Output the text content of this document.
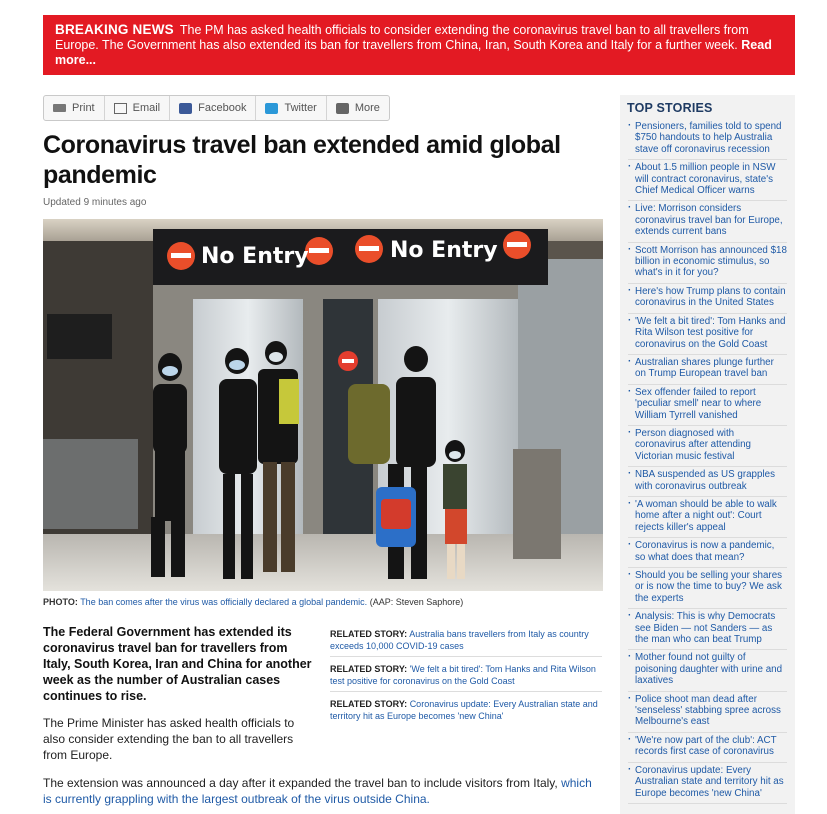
BREAKING NEWS The PM has asked health officials to consider extending the coronavirus travel ban to all travellers from Europe. The Government has also extended its ban for travellers from China, Iran, South Korea and Italy for a further week. Read more...
Print	Email	Facebook	Twitter	More
Coronavirus travel ban extended amid global pandemic
Updated 9 minutes ago
No Entry	No Entry
PHOTO: The ban comes after the virus was officially declared a global pandemic. (AAP: Steven Saphore)

The Federal Government has extended its coronavirus travel ban for travellers from Italy, South Korea, Iran and China for another week as the number of Australian cases continues to rise.

The Prime Minister has asked health officials to also consider extending the ban to all travellers from Europe.

The extension was announced a day after it expanded the travel ban to include visitors from Italy, which is currently grappling with the largest outbreak of the virus outside China.

RELATED STORY: Australia bans travellers from Italy as country exceeds 10,000 COVID-19 cases
RELATED STORY: 'We felt a bit tired': Tom Hanks and Rita Wilson test positive for coronavirus on the Gold Coast
RELATED STORY: Coronavirus update: Every Australian state and territory hit as Europe becomes 'new China'
TOP STORIES
· Pensioners, families told to spend $750 handouts to help Australia stave off coronavirus recession
· About 1.5 million people in NSW will contract coronavirus, state's Chief Medical Officer warns
· Live: Morrison considers coronavirus travel ban for Europe, extends current bans
· Scott Morrison has announced $18 billion in economic stimulus, so what's in it for you?
· Here's how Trump plans to contain coronavirus in the United States
· 'We felt a bit tired': Tom Hanks and Rita Wilson test positive for coronavirus on the Gold Coast
· Australian shares plunge further on Trump European travel ban
· Sex offender failed to report 'peculiar smell' near to where William Tyrrell vanished
· Person diagnosed with coronavirus after attending Victorian music festival
· NBA suspended as US grapples with coronavirus outbreak
· 'A woman should be able to walk home after a night out': Court rejects killer's appeal
· Coronavirus is now a pandemic, so what does that mean?
· Should you be selling your shares or is now the time to buy? We ask the experts
· Analysis: This is why Democrats see Biden — not Sanders — as the man who can beat Trump
· Mother found not guilty of poisoning daughter with urine and laxatives
· Police shoot man dead after 'senseless' stabbing spree across Melbourne's east
· 'We're now part of the club': ACT records first case of coronavirus
· Coronavirus update: Every Australian state and territory hit as Europe becomes 'new China'
